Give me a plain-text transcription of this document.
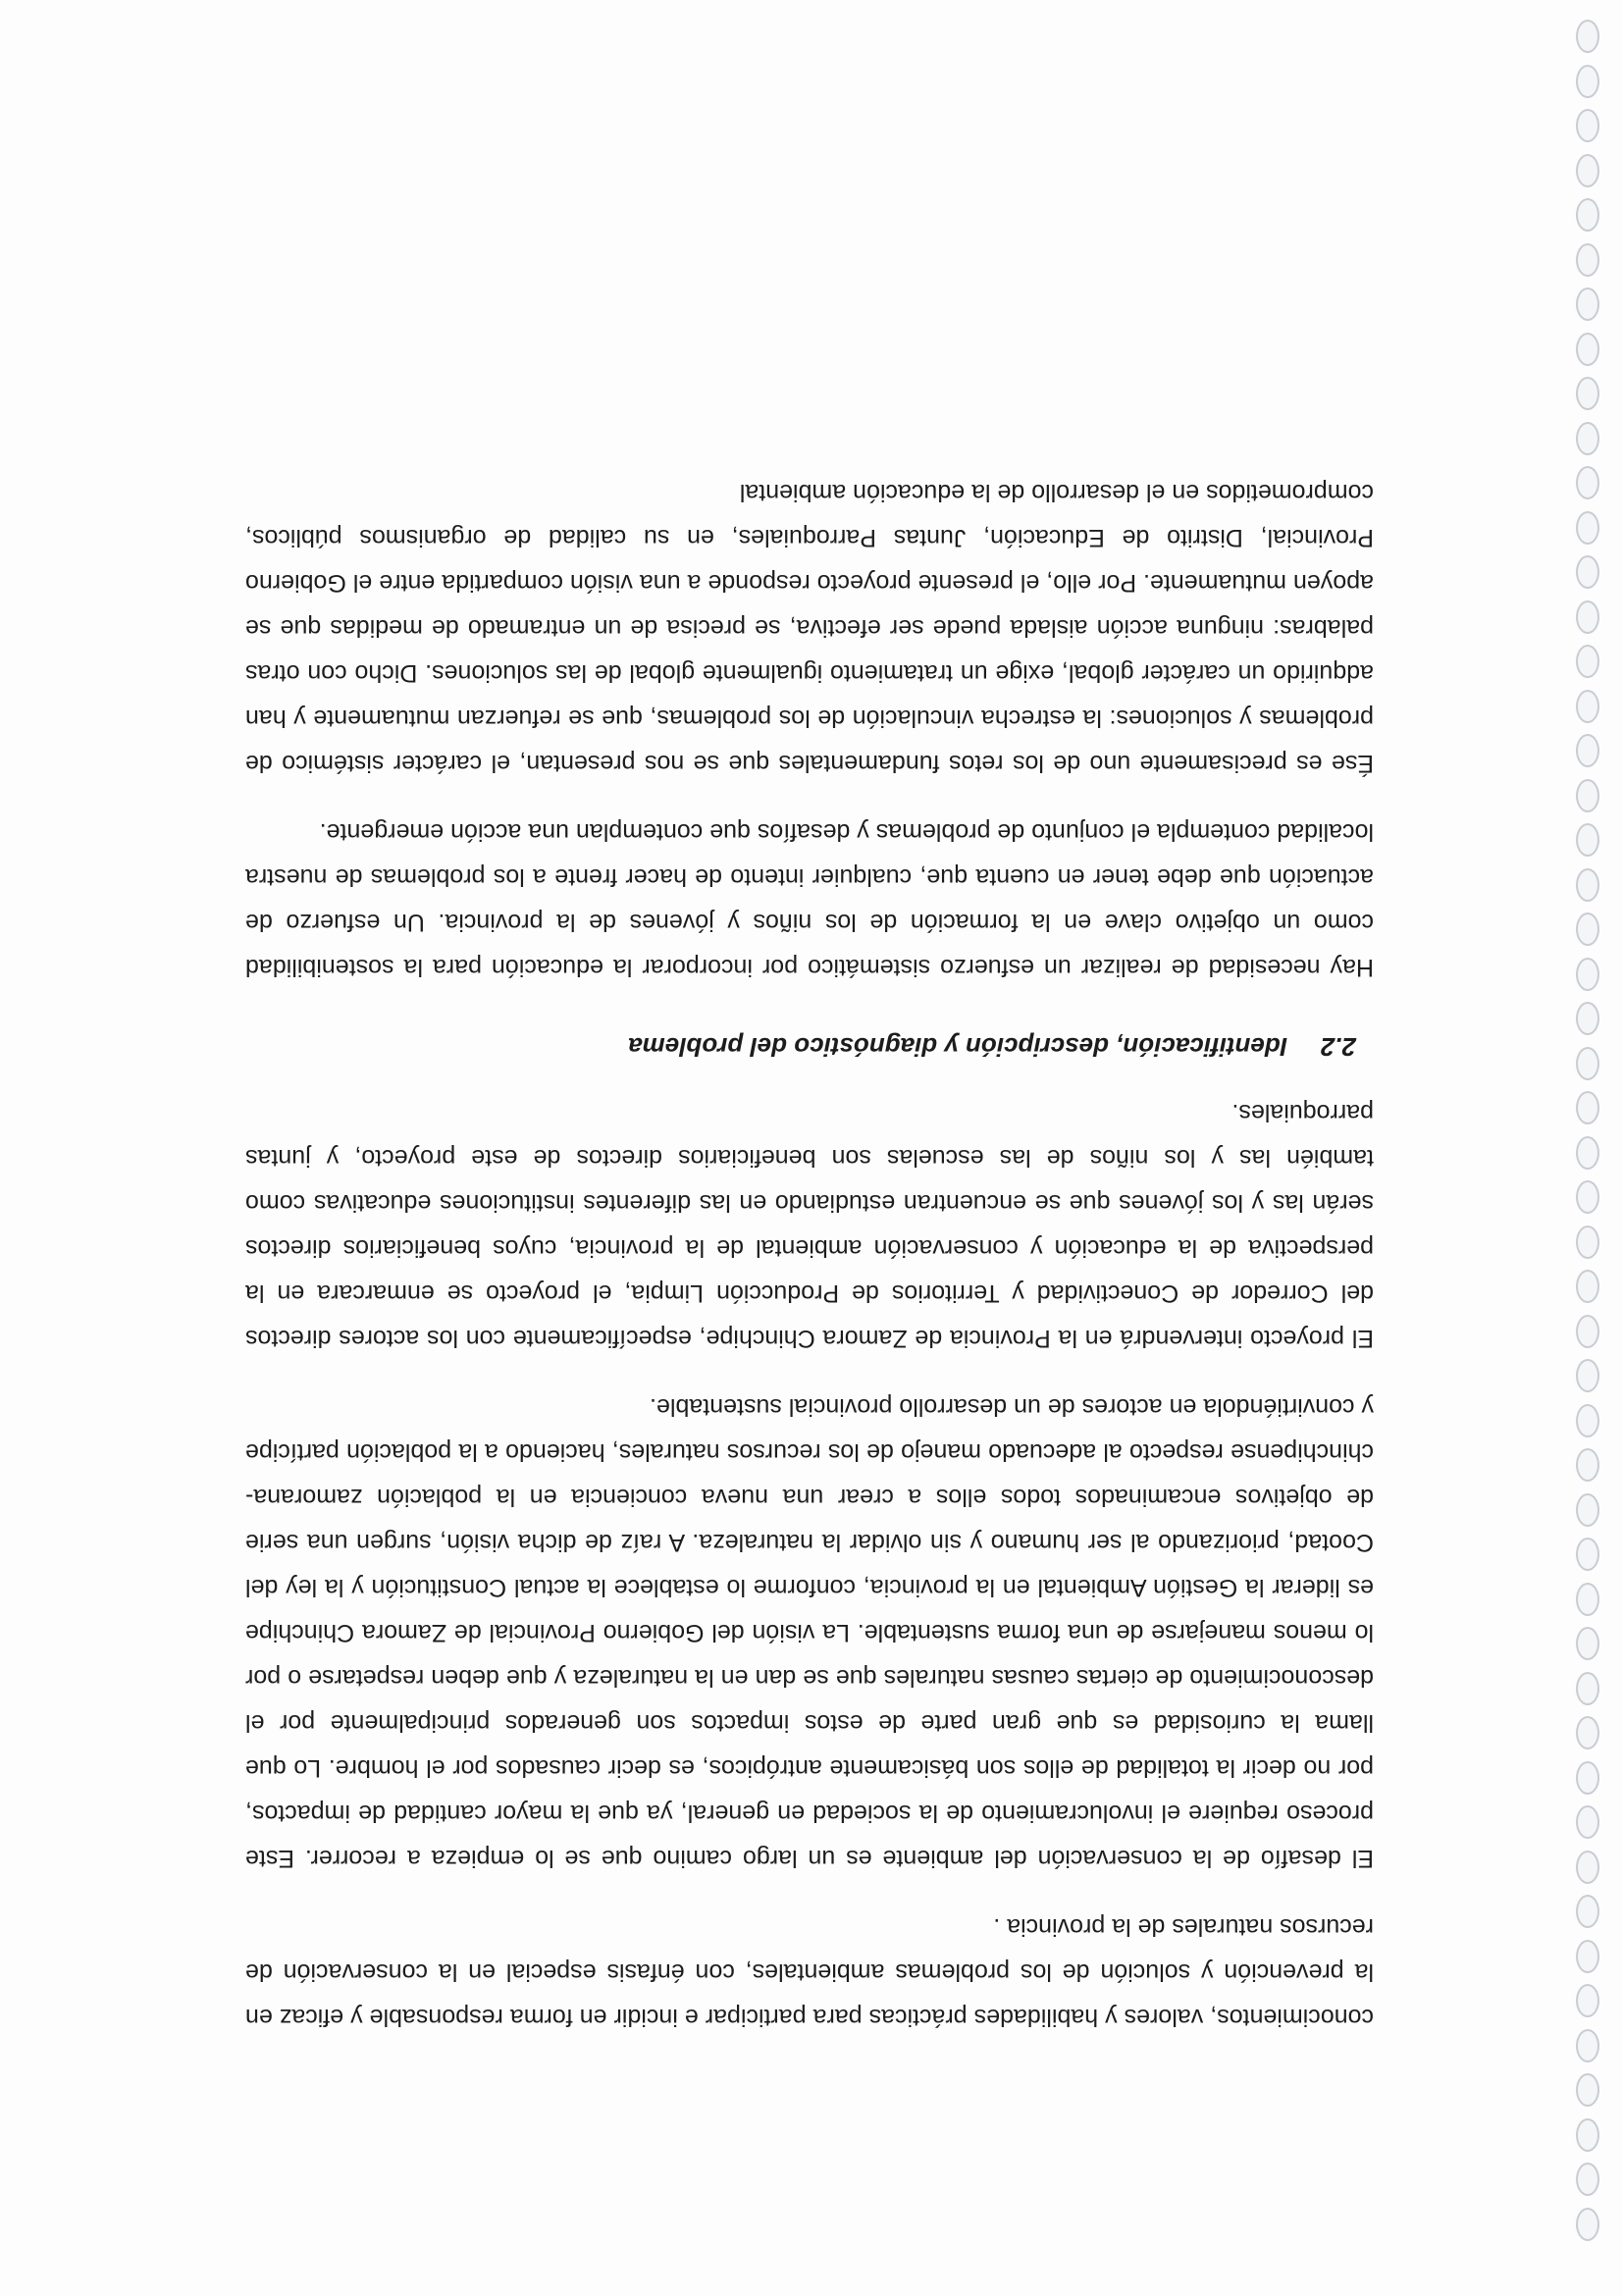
conocimientos, valores y habilidades prácticas para participar e incidir en forma responsable y eficaz en la prevención y solución de los problemas ambientales, con énfasis especial en la conservación de recursos naturales de la provincia .

El desafío de la conservación del ambiente es un largo camino que se lo empieza a recorrer. Este proceso requiere el involucramiento de la sociedad en general, ya que la mayor cantidad de impactos, por no decir la totalidad de ellos son básicamente antrópicos, es decir causados por el hombre. Lo que llama la curiosidad es que gran parte de estos impactos son generados principalmente por el desconocimiento de ciertas causas naturales que se dan en la naturaleza y que deben respetarse o por lo menos manejarse de una forma sustentable. La visión del Gobierno Provincial de Zamora Chinchipe es liderar la Gestión Ambiental en la provincia, conforme lo establece la actual Constitución y la ley del Cootad, priorizando al ser humano y sin olvidar la naturaleza. A raíz de dicha visión, surgen una serie de objetivos encaminados todos ellos a crear una nueva conciencia en la población zamorana-chinchipense respecto al adecuado manejo de los recursos naturales, haciendo a la población partícipe y convirtiéndola en actores de un desarrollo provincial sustentable.

El proyecto intervendrá en la Provincia de Zamora Chinchipe, específicamente con los actores directos del Corredor de Conectividad y Territorios de Producción Limpia, el proyecto se enmarcara en la perspectiva de la educación y conservación ambiental de la provincia, cuyos beneficiarios directos serán las y los jóvenes que se encuentran estudiando en las diferentes instituciones educativas como también las y los niños de las escuelas son beneficiarios directos de este proyecto, y juntas parroquiales.

2.2Identificación, descripción y diagnóstico del problema

Hay necesidad de realizar un esfuerzo sistemático por incorporar la educación para la sostenibilidad como un objetivo clave en la formación de los niños y jóvenes de la provincia. Un esfuerzo de actuación que debe tener en cuenta que, cualquier intento de hacer frente a los problemas de nuestra localidad contempla el conjunto de problemas y desafíos que contemplan una acción emergente.

Ése es precisamente uno de los retos fundamentales que se nos presentan, el carácter sistémico de problemas y soluciones: la estrecha vinculación de los problemas, que se refuerzan mutuamente y han adquirido un carácter global, exige un tratamiento igualmente global de las soluciones. Dicho con otras palabras: ninguna acción aislada puede ser efectiva, se precisa de un entramado de medidas que se apoyen mutuamente. Por ello, el presente proyecto responde a una visión compartida entre el Gobierno Provincial, Distrito de Educación, Juntas Parroquiales, en su calidad de organismos públicos, comprometidos en el desarrollo de la educación ambiental
